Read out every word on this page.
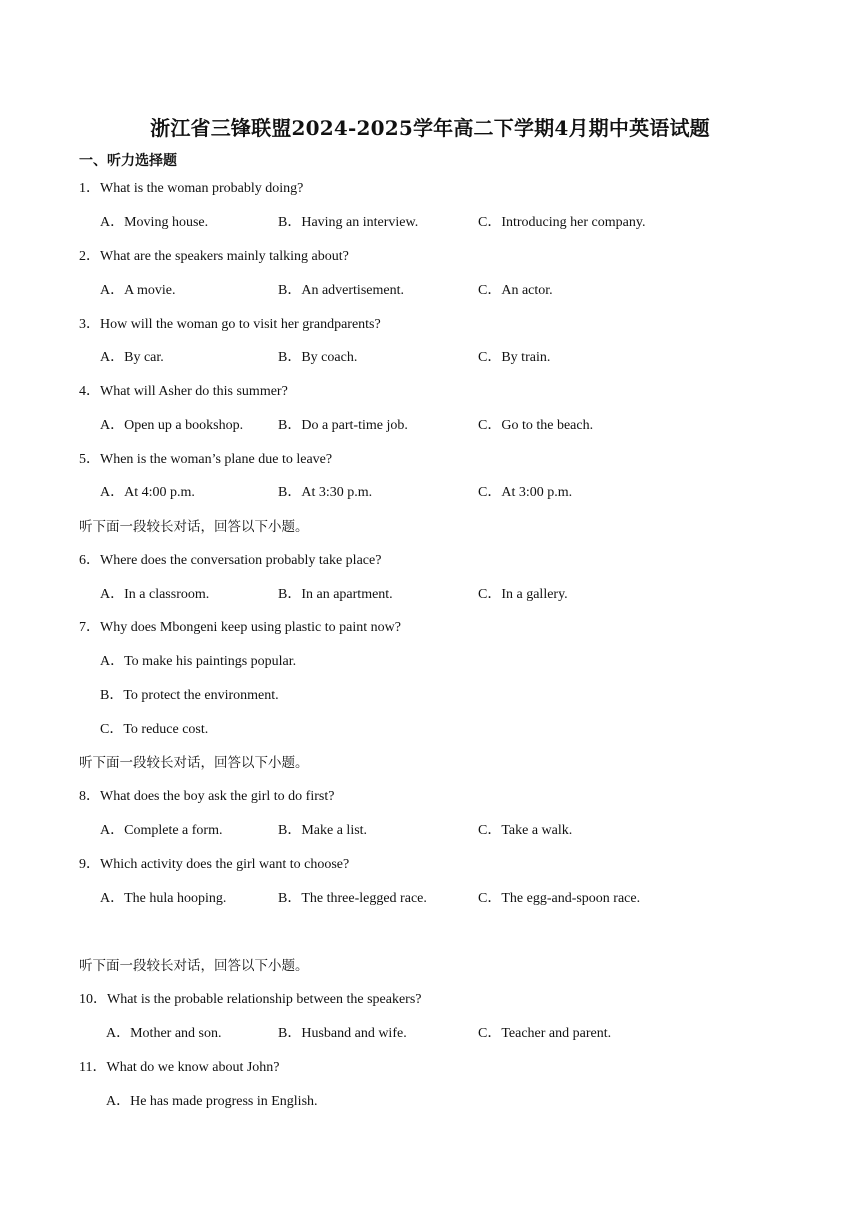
浙江省三锋联盟2024-2025学年高二下学期4月期中英语试题
一、听力选择题
1．What is the woman probably doing?
A．Moving house.	B．Having an interview.	C．Introducing her company.
2．What are the speakers mainly talking about?
A．A movie.	B．An advertisement.	C．An actor.
3．How will the woman go to visit her grandparents?
A．By car.	B．By coach.	C．By train.
4．What will Asher do this summer?
A．Open up a bookshop. B．Do a part-time job.	C．Go to the beach.
5．When is the woman’s plane due to leave?
A．At 4:00 p.m.	B．At 3:30 p.m.	C．At 3:00 p.m.
听下面一段较长对话，回答以下小题。
6．Where does the conversation probably take place?
A．In a classroom.	B．In an apartment.	C．In a gallery.
7．Why does Mbongeni keep using plastic to paint now?
A．To make his paintings popular.
B．To protect the environment.
C．To reduce cost.
听下面一段较长对话，回答以下小题。
8．What does the boy ask the girl to do first?
A．Complete a form.	B．Make a list.	C．Take a walk.
9．Which activity does the girl want to choose?
A．The hula hooping.	B．The three-legged race.	C．The egg-and-spoon race.
听下面一段较长对话，回答以下小题。
10．What is the probable relationship between the speakers?
A．Mother and son.	B．Husband and wife.	C．Teacher and parent.
11．What do we know about John?
A．He has made progress in English.
